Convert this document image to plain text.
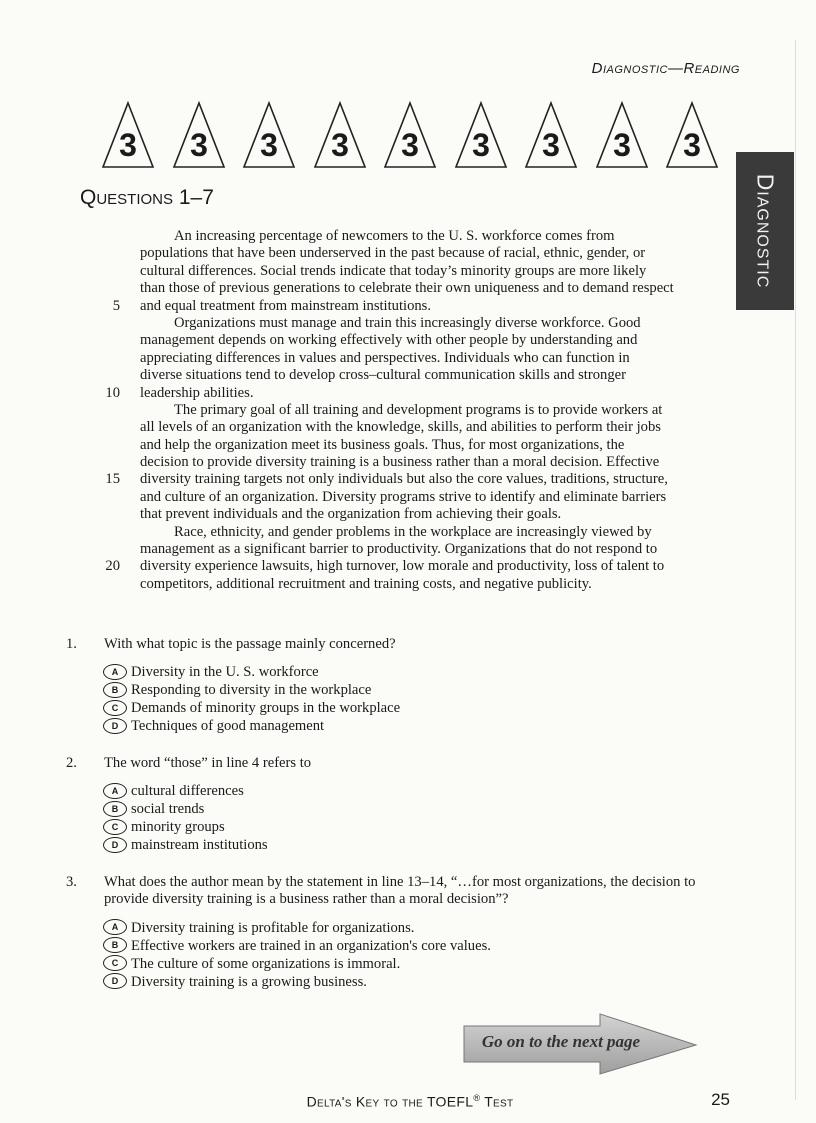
Diagnostic—Reading
3	3	3	3	3	3	3	3	3
Diagnostic
Questions 1–7
An increasing percentage of newcomers to the U. S. workforce comes from
populations that have been underserved in the past because of racial, ethnic, gender, or
cultural differences. Social trends indicate that today’s minority groups are more likely
than those of previous generations to celebrate their own uniqueness and to demand respect
5 and equal treatment from mainstream institutions.
Organizations must manage and train this increasingly diverse workforce. Good
management depends on working effectively with other people by understanding and
appreciating differences in values and perspectives. Individuals who can function in
diverse situations tend to develop cross–cultural communication skills and stronger
10 leadership abilities.
The primary goal of all training and development programs is to provide workers at
all levels of an organization with the knowledge, skills, and abilities to perform their jobs
and help the organization meet its business goals. Thus, for most organizations, the
decision to provide diversity training is a business rather than a moral decision. Effective
15 diversity training targets not only individuals but also the core values, traditions, structure,
and culture of an organization. Diversity programs strive to identify and eliminate barriers
that prevent individuals and the organization from achieving their goals.
Race, ethnicity, and gender problems in the workplace are increasingly viewed by
management as a significant barrier to productivity. Organizations that do not respond to
20 diversity experience lawsuits, high turnover, low morale and productivity, loss of talent to
competitors, additional recruitment and training costs, and negative publicity.
1. With what topic is the passage mainly concerned?
A Diversity in the U. S. workforce
B Responding to diversity in the workplace
C Demands of minority groups in the workplace
D Techniques of good management
2. The word “those” in line 4 refers to
A cultural differences
B social trends
C minority groups
D mainstream institutions
3. What does the author mean by the statement in line 13–14, “…for most organizations, the decision to provide diversity training is a business rather than a moral decision”?
A Diversity training is profitable for organizations.
B Effective workers are trained in an organization's core values.
C The culture of some organizations is immoral.
D Diversity training is a growing business.
Go on to the next page
Delta's Key to the TOEFL® Test	25
